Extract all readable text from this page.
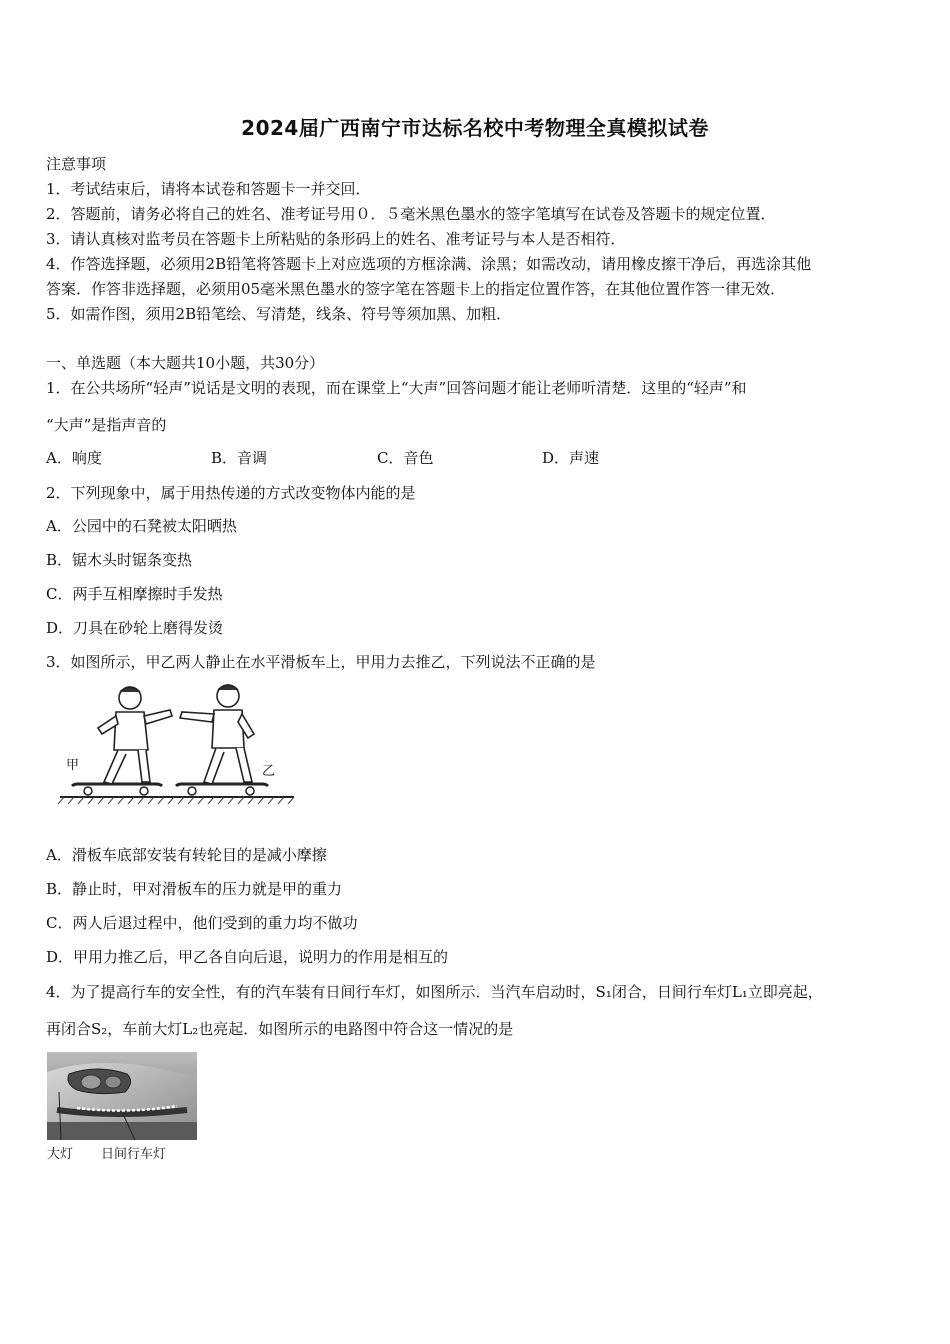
2024届广西南宁市达标名校中考物理全真模拟试卷
注意事项
1．考试结束后，请将本试卷和答题卡一并交回．
2．答题前，请务必将自己的姓名、准考证号用０．５毫米黑色墨水的签字笔填写在试卷及答题卡的规定位置．
3．请认真核对监考员在答题卡上所粘贴的条形码上的姓名、准考证号与本人是否相符．
4．作答选择题，必须用2B铅笔将答题卡上对应选项的方框涂满、涂黑；如需改动，请用橡皮擦干净后，再选涂其他
答案．作答非选择题，必须用05毫米黑色墨水的签字笔在答题卡上的指定位置作答，在其他位置作答一律无效．
5．如需作图，须用2B铅笔绘、写清楚，线条、符号等须加黑、加粗．
一、单选题（本大题共10小题，共30分）
1．在公共场所“轻声”说话是文明的表现，而在课堂上“大声”回答问题才能让老师听清楚．这里的“轻声”和
“大声”是指声音的
A．响度	B．音调	C．音色	D．声速
2．下列现象中，属于用热传递的方式改变物体内能的是
A．公园中的石凳被太阳晒热
B．锯木头时锯条变热
C．两手互相摩擦时手发热
D．刀具在砂轮上磨得发烫
3．如图所示，甲乙两人静止在水平滑板车上，甲用力去推乙，下列说法不正确的是
甲	乙
A．滑板车底部安装有转轮目的是减小摩擦
B．静止时，甲对滑板车的压力就是甲的重力
C．两人后退过程中，他们受到的重力均不做功
D．甲用力推乙后，甲乙各自向后退，说明力的作用是相互的
4．为了提高行车的安全性，有的汽车装有日间行车灯，如图所示．当汽车启动时，S₁闭合，日间行车灯L₁立即亮起，
再闭合S₂，车前大灯L₂也亮起．如图所示的电路图中符合这一情况的是
大灯 日间行车灯
